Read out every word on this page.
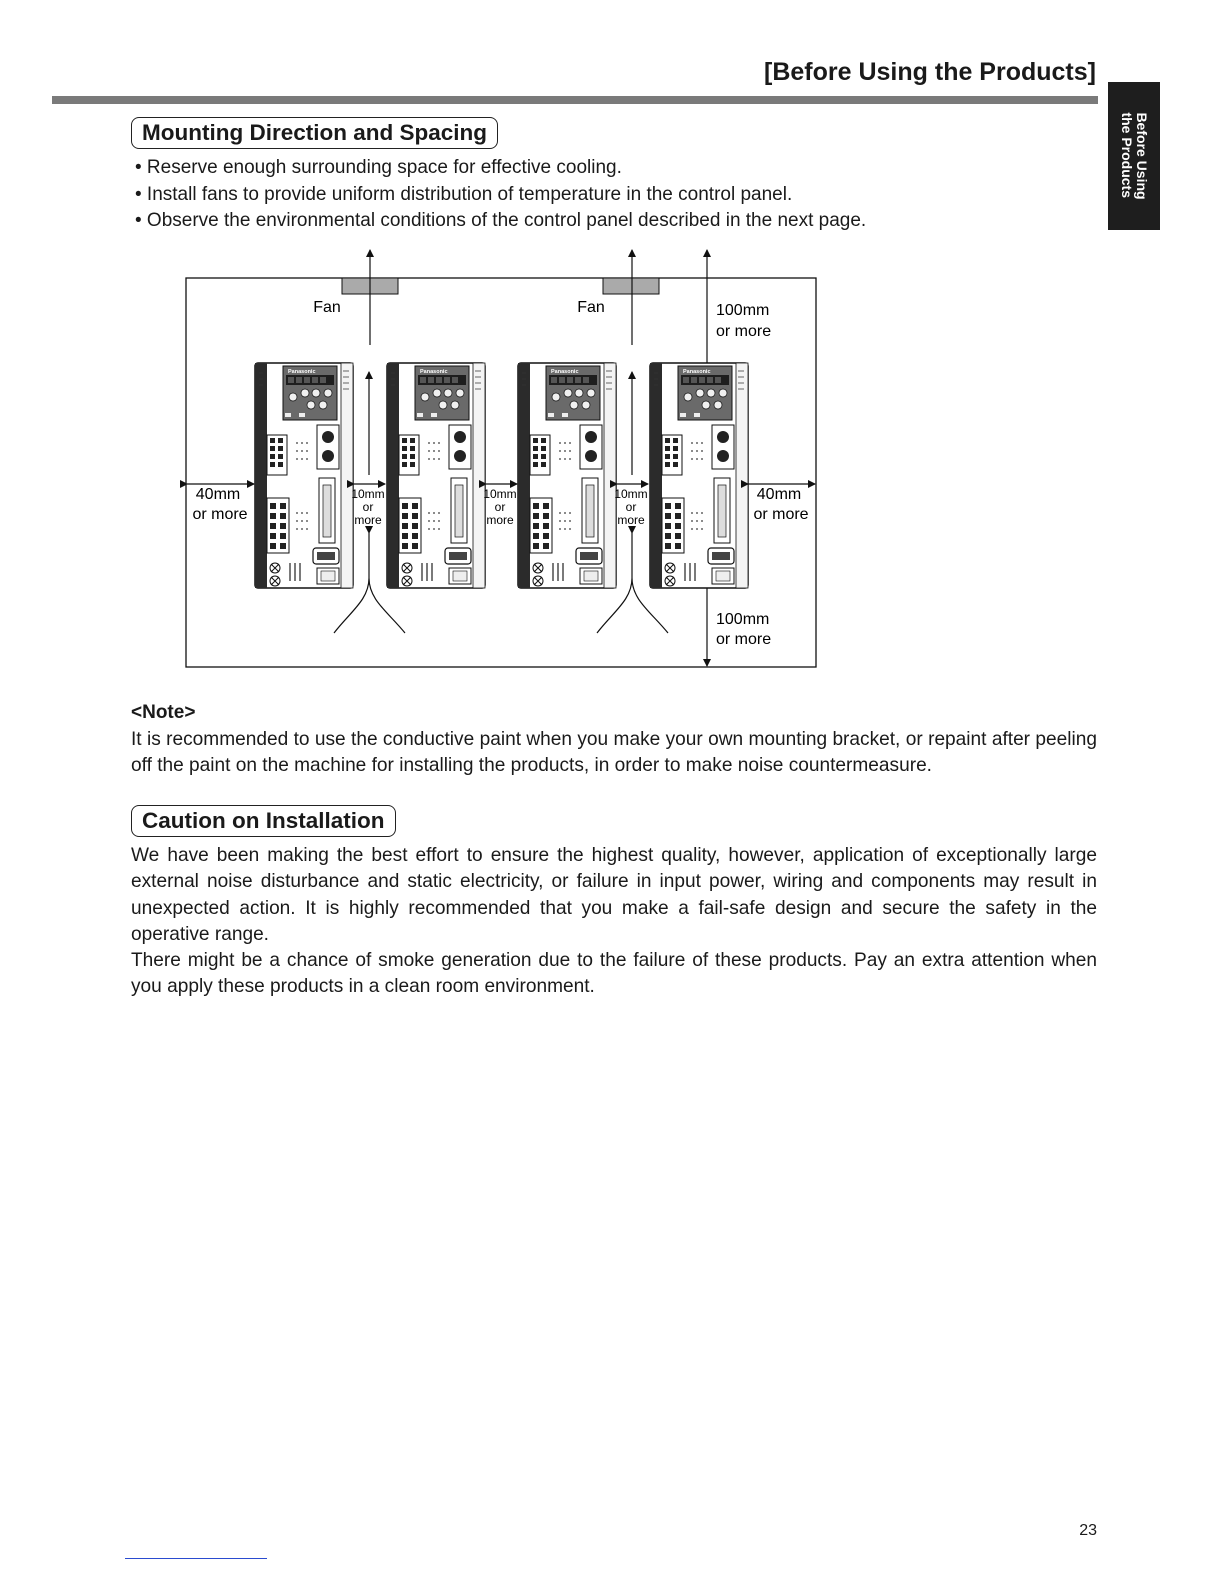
[Before Using the Products]
Before Using
the Products
Mounting Direction and Spacing
• Reserve enough surrounding space for effective cooling.
• Install fans to provide uniform distribution of temperature in the control panel.
• Observe the environmental conditions of the control panel described in the next page.
Fan	Fan	100mm
or more
100mm
or more
Panasonic	Panasonic	Panasonic	Panasonic
40mm
or more
40mm
or more
10mm
or
more
10mm
or
more
10mm
or
more
<Note>

It is recommended to use the conductive paint when you make your own mounting bracket, or repaint after peeling off the paint on the machine for installing the products, in order to make noise countermeasure.

Caution on Installation

We have been making the best effort to ensure the highest quality, however, application of exceptionally large external noise disturbance and static electricity, or failure in input power, wiring and components may result in unexpected action. It is highly recommended that you make a fail-safe design and secure the safety in the operative range.

There might be a chance of smoke generation due to the failure of these products. Pay an extra attention when you apply these products in a clean room environment.

23
